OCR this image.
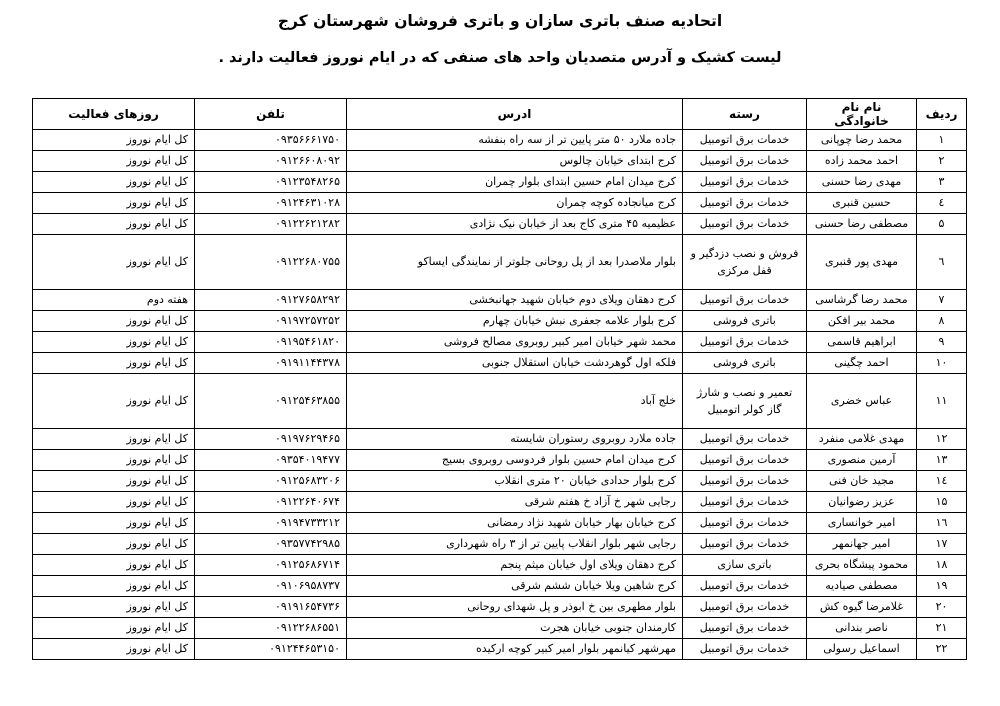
اتحادیه صنف باتری سازان و باتری فروشان شهرستان کرج
لیست کشیک و آدرس متصدیان واحد های صنفی که در ایام نوروز فعالیت دارند .
ردیف	نام نام خانوادگی	رسته	ادرس	تلفن	روزهای فعالیت
۱	محمد رضا چوپانی	خدمات برق اتومبیل	جاده ملارد ۵۰ متر پایین تر از سه راه بنفشه	۰۹۳۵۶۶۶۱۷۵۰	کل ایام نوروز
۲	احمد محمد زاده	خدمات برق اتومبیل	کرج ابتدای خیابان چالوس	۰۹۱۲۶۶۰۸۰۹۲	کل ایام نوروز
۳	مهدی رضا حسنی	خدمات برق اتومبیل	کرج میدان امام حسین ابتدای بلوار چمران	۰۹۱۲۳۵۴۸۲۶۵	کل ایام نوروز
٤	حسین قنبری	خدمات برق اتومبیل	کرج میانجاده کوچه چمران	۰۹۱۲۴۶۳۱۰۲۸	کل ایام نوروز
۵	مصطفی رضا حسنی	خدمات برق اتومبیل	عظیمیه ۴۵ متری کاج بعد از خیابان نیک نژادی	۰۹۱۲۲۶۲۱۲۸۲	کل ایام نوروز
٦	مهدی پور قنبری	فروش و نصب دزدگیر و قفل مرکزی	بلوار ملاصدرا بعد از پل روحانی جلوتر از نمایندگی ایساکو	۰۹۱۲۲۶۸۰۷۵۵	کل ایام نوروز
۷	محمد رضا گرشاسی	خدمات برق اتومبیل	کرج دهقان ویلای دوم خیابان شهید جهانبخشی	۰۹۱۲۷۶۵۸۲۹۲	هفته دوم
۸	محمد بیر افکن	باتری فروشی	کرج بلوار علامه جعفری نبش خیابان چهارم	۰۹۱۹۷۲۵۷۲۵۲	کل ایام نوروز
۹	ابراهیم قاسمی	خدمات برق اتومبیل	محمد شهر خیابان امیر کبیر روبروی مصالح فروشی	۰۹۱۹۵۴۶۱۸۲۰	کل ایام نوروز
۱۰	احمد چگینی	باتری فروشی	فلکه اول گوهردشت خیابان استقلال جنوبی	۰۹۱۹۱۱۴۴۳۷۸	کل ایام نوروز
۱۱	عباس خضری	تعمیر و نصب و شارژ گاز کولر اتومبیل	خلج آباد	۰۹۱۲۵۴۶۳۸۵۵	کل ایام نوروز
۱۲	مهدی غلامی منفرد	خدمات برق اتومبیل	جاده ملارد روبروی رستوران شایسته	۰۹۱۹۷۶۲۹۴۶۵	کل ایام نوروز
۱۳	آرمین منصوری	خدمات برق اتومبیل	کرج میدان امام حسین بلوار فردوسی روبروی بسیج	۰۹۳۵۴۰۱۹۴۷۷	کل ایام نوروز
۱٤	مجید خان فنی	خدمات برق اتومبیل	کرج بلوار حدادی خیابان ۲۰ متری انقلاب	۰۹۱۲۵۶۸۳۲۰۶	کل ایام نوروز
۱۵	عزیز رضوانیان	خدمات برق اتومبیل	رجایی شهر خ آزاد خ هفتم شرقی	۰۹۱۲۲۶۴۰۶۷۴	کل ایام نوروز
۱٦	امیر خوانساری	خدمات برق اتومبیل	کرج خیابان بهار خیابان شهید نژاد رمضانی	۰۹۱۹۴۷۳۳۲۱۲	کل ایام نوروز
۱۷	امیر جهانمهر	خدمات برق اتومبیل	رجایی شهر بلوار انقلاب پایین تر از ۳ راه شهرداری	۰۹۳۵۷۷۴۲۹۸۵	کل ایام نوروز
۱۸	محمود پیشگاه بحری	باتری سازی	کرج دهقان ویلای اول خیابان میثم پنجم	۰۹۱۲۵۶۸۶۷۱۴	کل ایام نوروز
۱۹	مصطفی صیادیه	خدمات برق اتومبیل	کرج شاهین ویلا خیابان ششم شرقی	۰۹۱۰۶۹۵۸۷۳۷	کل ایام نوروز
۲۰	غلامرضا گیوه کش	خدمات برق اتومبیل	بلوار مطهری بین خ ابوذر و پل شهدای روحانی	۰۹۱۹۱۶۵۴۷۳۶	کل ایام نوروز
۲۱	ناصر بندانی	خدمات برق اتومبیل	کارمندان جنوبی خیابان هجرت	۰۹۱۲۲۶۸۶۵۵۱	کل ایام نوروز
۲۲	اسماعیل رسولی	خدمات برق اتومبیل	مهرشهر کیانمهر بلوار امیر کبیر کوچه ارکیده	۰۹۱۲۴۴۶۵۳۱۵۰	کل ایام نوروز
